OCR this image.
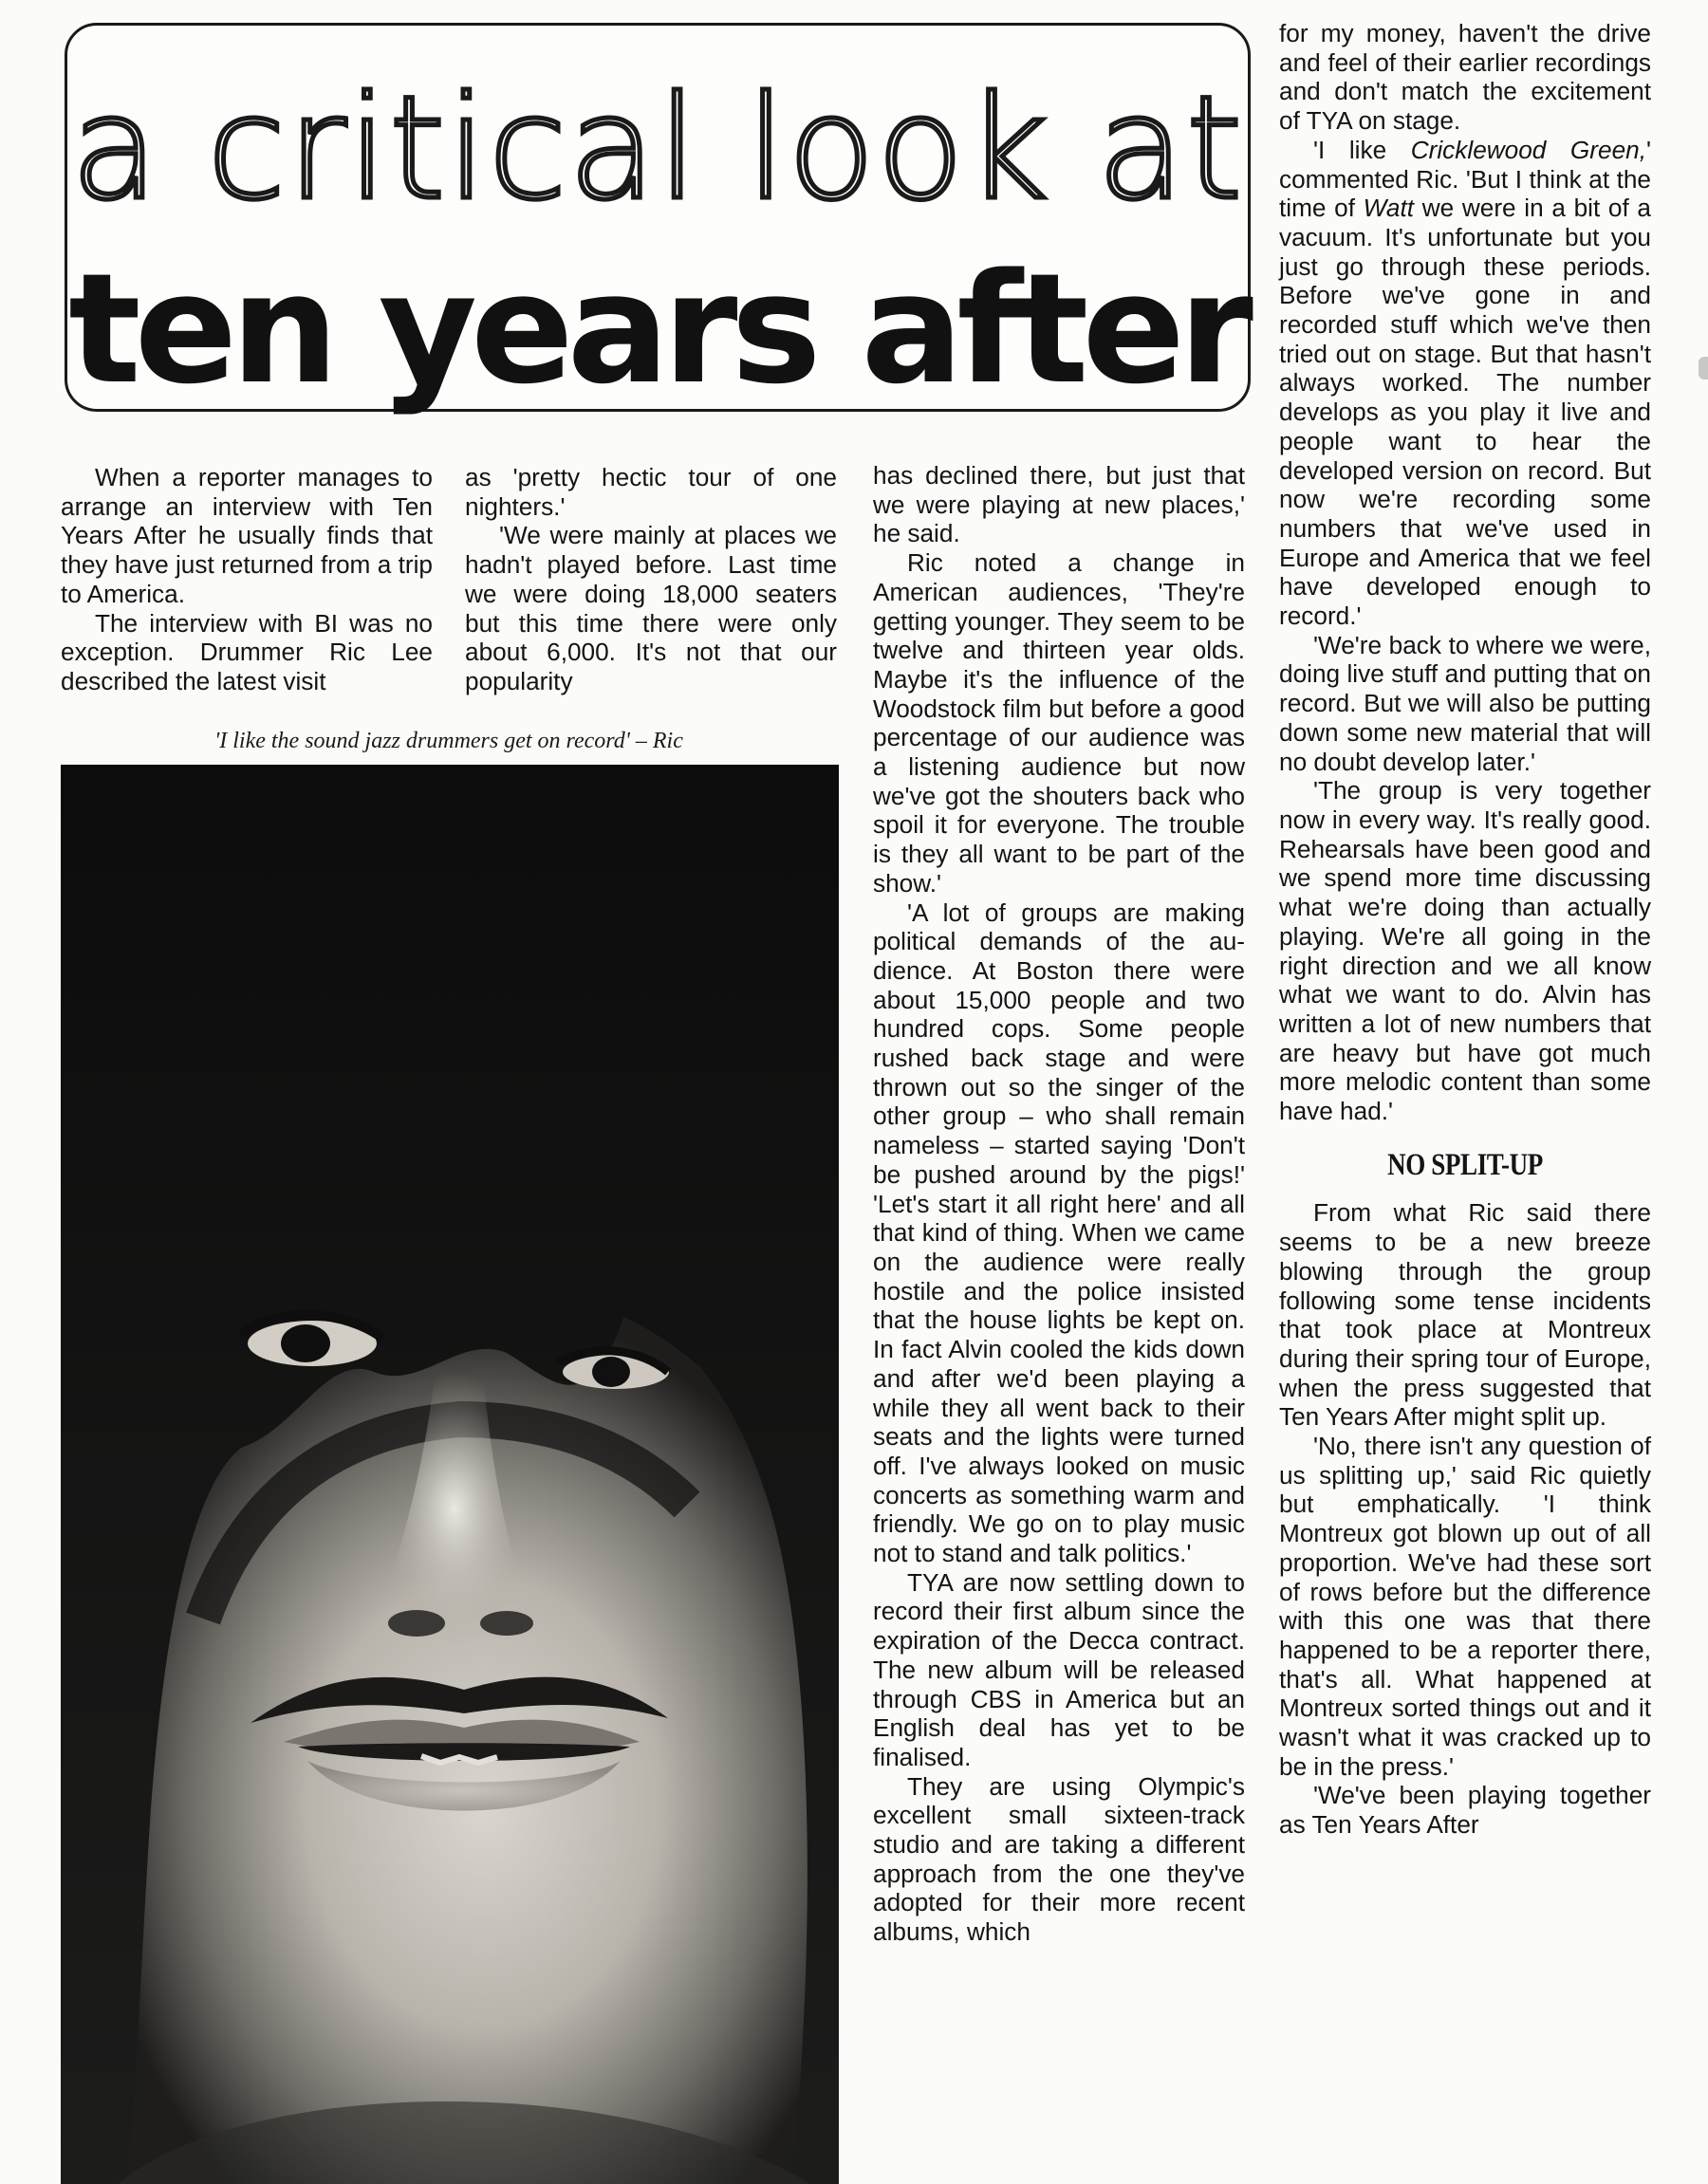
a critical look at
ten years after

When a reporter manages to arrange an interview with Ten Years After he usually finds that they have just returned from a trip to America.

The interview with BI was no exception. Drummer Ric Lee described the latest visit

as 'pretty hectic tour of one nighters.'

'We were mainly at places we hadn't played before. Last time we were doing 18,000 seaters but this time there were only about 6,000. It's not that our popularity

'I like the sound jazz drummers get on record' – Ric

has declined there, but just that we were playing at new places,' he said.

Ric noted a change in American audiences, 'They're getting younger. They seem to be twelve and thirteen year olds. Maybe it's the influence of the Woodstock film but before a good percentage of our audience was a listening audience but now we've got the shouters back who spoil it for everyone. The trouble is they all want to be part of the show.'

'A lot of groups are making political demands of the audience. At Boston there were about 15,000 people and two hundred cops. Some people rushed back stage and were thrown out so the singer of the other group – who shall remain nameless – started saying 'Don't be pushed around by the pigs!' 'Let's start it all right here' and all that kind of thing. When we came on the audience were really hostile and the police insisted that the house lights be kept on. In fact Alvin cooled the kids down and after we'd been playing a while they all went back to their seats and the lights were turned off. I've always looked on music concerts as something warm and friendly. We go on to play music not to stand and talk politics.'

TYA are now settling down to record their first album since the expiration of the Decca contract. The new album will be released through CBS in America but an English deal has yet to be finalised.

They are using Olympic's excellent small sixteen-track studio and are taking a different approach from the one they've adopted for their more recent albums, which

for my money, haven't the drive and feel of their earlier recordings and don't match the excitement of TYA on stage.

'I like Cricklewood Green,' commented Ric. 'But I think at the time of Watt we were in a bit of a vacuum. It's unfortunate but you just go through these periods. Before we've gone in and recorded stuff which we've then tried out on stage. But that hasn't always worked. The number develops as you play it live and people want to hear the developed version on record. But now we're recording some numbers that we've used in Europe and America that we feel have developed enough to record.'

'We're back to where we were, doing live stuff and putting that on record. But we will also be putting down some new material that will no doubt develop later.'

'The group is very together now in every way. It's really good. Rehearsals have been good and we spend more time discussing what we're doing than actually playing. We're all going in the right direction and we all know what we want to do. Alvin has written a lot of new numbers that are heavy but have got much more melodic content than some have had.'

NO SPLIT-UP

From what Ric said there seems to be a new breeze blowing through the group following some tense incidents that took place at Montreux during their spring tour of Europe, when the press suggested that Ten Years After might split up.

'No, there isn't any question of us splitting up,' said Ric quietly but emphatically. 'I think Montreux got blown up out of all proportion. We've had these sort of rows before but the difference with this one was that there happened to be a reporter there, that's all. What happened at Montreux sorted things out and it wasn't what it was cracked up to be in the press.'

'We've been playing together as Ten Years After
